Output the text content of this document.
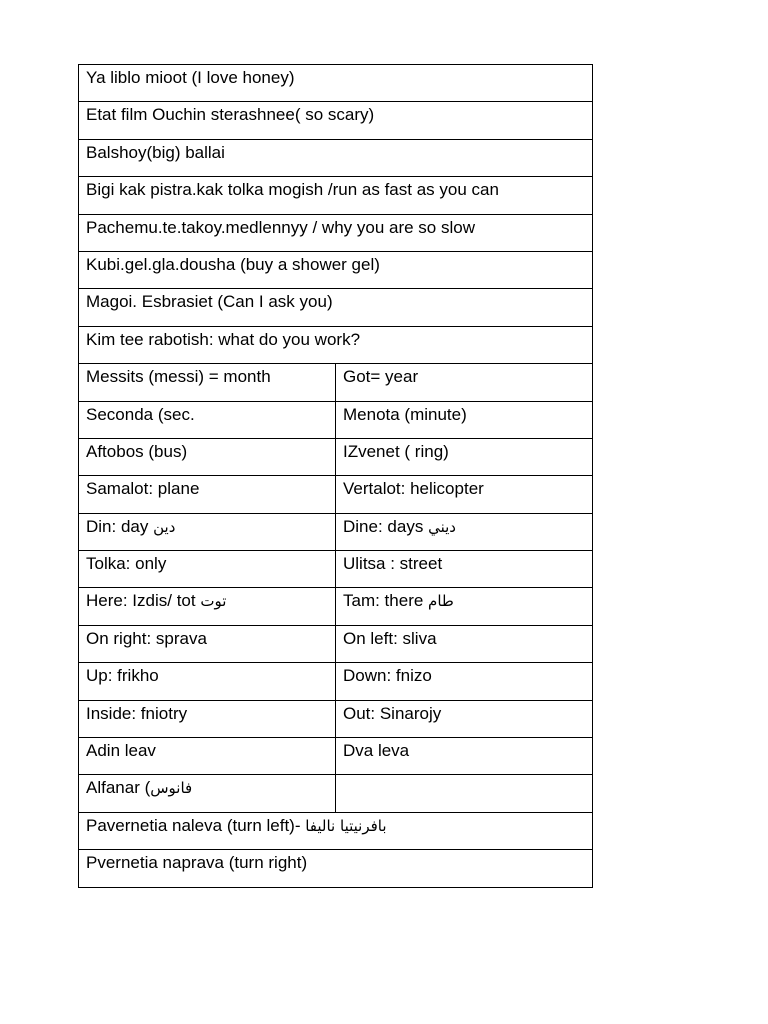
Ya liblo mioot (I love honey)	
Etat film Ouchin sterashnee( so scary)	
Balshoy(big) ballai	
Bigi kak pistra.kak tolka mogish /run as fast as you can	
Pachemu.te.takoy.medlennyy / why you are so slow	
Kubi.gel.gla.dousha (buy a shower gel)	
Magoi. Esbrasiet (Can I ask you)	
Kim tee rabotish: what do you work?	
Messits (messi) = month	Got= year
Seconda (sec.	Menota (minute)
Aftobos (bus)	IZvenet ( ring)
Samalot: plane	Vertalot: helicopter
Din: day دين	Dine: days ديني
Tolka: only	Ulitsa : street
Here: Izdis/ tot توت	Tam: there طام
On right: sprava	On left: sliva
Up: frikho	Down: fnizo
Inside: fniotry	Out: Sinarojy
Adin leav	Dva leva
Alfanar (فانوس	
Pavernetia naleva (turn left)- بافرنيتيا ناليفا	
Pvernetia naprava (turn right)	
